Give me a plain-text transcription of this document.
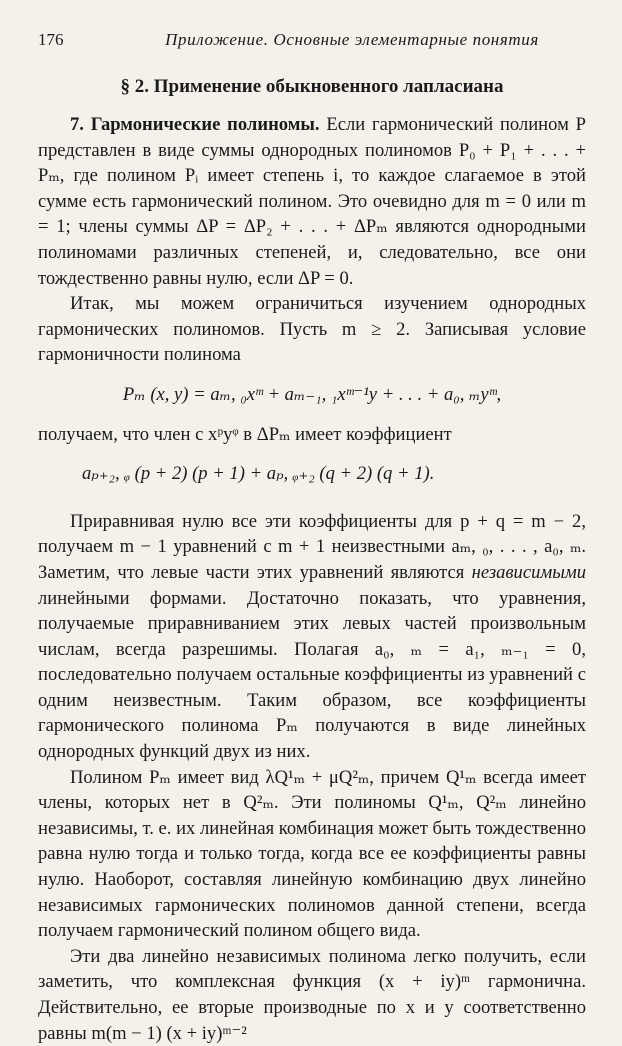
176	Приложение. Основные элементарные понятия
§ 2. Применение обыкновенного лапласиана

7. Гармонические полиномы. Если гармонический полином P представлен в виде суммы однородных полиномов P₀ + P₁ + . . . + Pₘ, где полином Pᵢ имеет степень i, то каждое слагаемое в этой сумме есть гармонический полином. Это очевидно для m = 0 или m = 1; члены суммы ΔP = ΔP₂ + . . . + ΔPₘ являются однородными полиномами различных степеней, и, следовательно, все они тождественно равны нулю, если ΔP = 0.

Итак, мы можем ограничиться изучением однородных гармонических полиномов. Пусть m ≥ 2. Записывая условие гармоничности полинома

Pₘ (x, y) = aₘ, ₀xᵐ + aₘ₋₁, ₁xᵐ⁻¹y + . . . + a₀, ₘyᵐ,

получаем, что член с xᵖyᵠ в ΔPₘ имеет коэффициент

aₚ₊₂, ᵩ (p + 2) (p + 1) + aₚ, ᵩ₊₂ (q + 2) (q + 1).

Приравнивая нулю все эти коэффициенты для p + q = m − 2, получаем m − 1 уравнений с m + 1 неизвестными aₘ, ₀, . . . , a₀, ₘ. Заметим, что левые части этих уравнений являются независимыми линейными формами. Достаточно показать, что уравнения, получаемые приравниванием этих левых частей произвольным числам, всегда разрешимы. Полагая a₀, ₘ = a₁, ₘ₋₁ = 0, последовательно получаем остальные коэффициенты из уравнений с одним неизвестным. Таким образом, все коэффициенты гармонического полинома Pₘ получаются в виде линейных однородных функций двух из них.

Полином Pₘ имеет вид λQ¹ₘ + μQ²ₘ, причем Q¹ₘ всегда имеет члены, которых нет в Q²ₘ. Эти полиномы Q¹ₘ, Q²ₘ линейно независимы, т. е. их линейная комбинация может быть тождественно равна нулю тогда и только тогда, когда все ее коэффициенты равны нулю. Наоборот, составляя линейную комбинацию двух линейно независимых гармонических полиномов данной степени, всегда получаем гармонический полином общего вида.

Эти два линейно независимых полинома легко получить, если заметить, что комплексная функция (x + iy)ᵐ гармонична. Действительно, ее вторые производные по x и y соответственно равны m(m − 1) (x + iy)ᵐ⁻²
